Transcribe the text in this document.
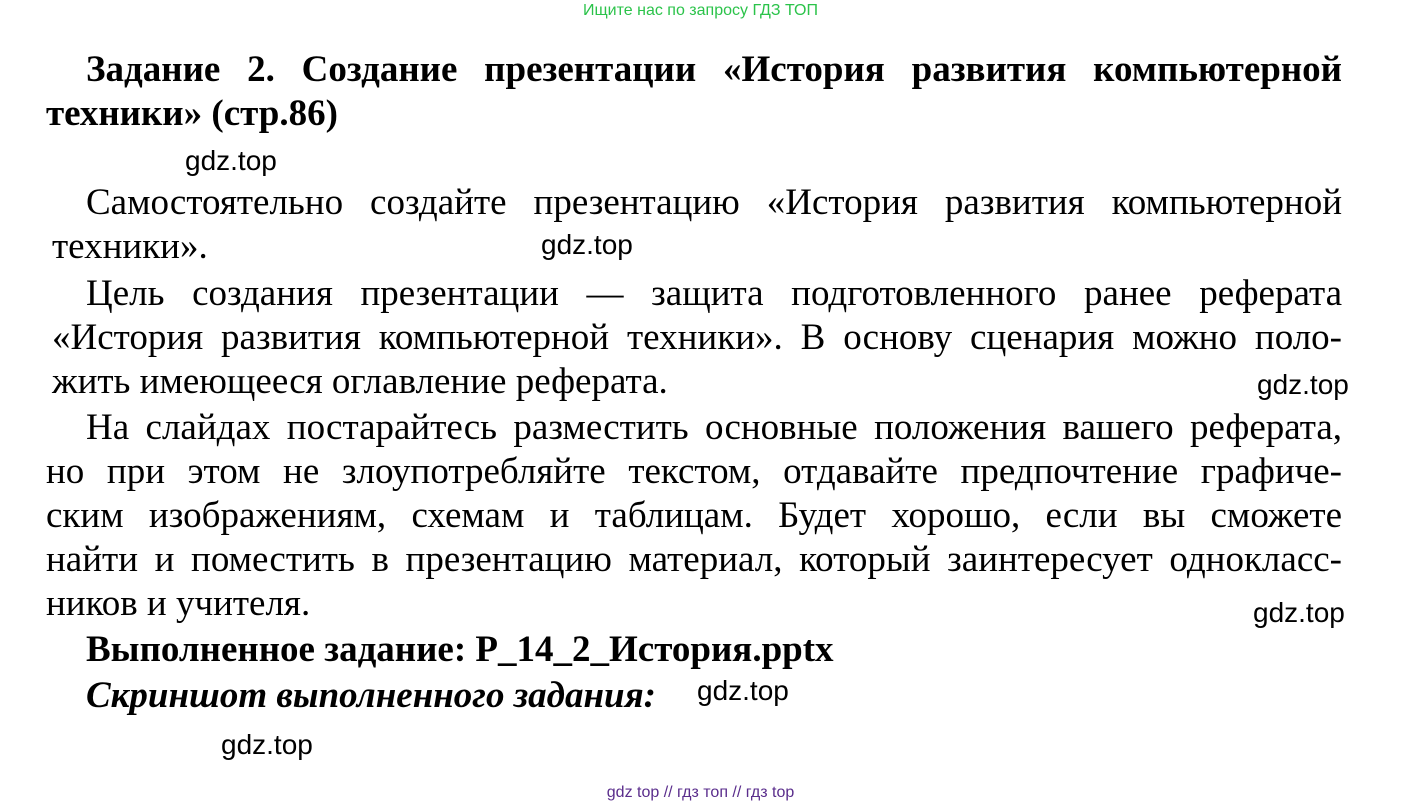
Ищите нас по запросу ГДЗ ТОП
Задание 2. Создание презентации «История развития компьютерной
техники» (стр.86)
Самостоятельно создайте презентацию «История развития компьютерной
техники».
Цель создания презентации — защита подготовленного ранее реферата
«История развития компьютерной техники». В основу сценария можно поло-
жить имеющееся оглавление реферата.
На слайдах постарайтесь разместить основные положения вашего реферата,
но при этом не злоупотребляйте текстом, отдавайте предпочтение графиче-
ским изображениям, схемам и таблицам. Будет хорошо, если вы сможете
найти и поместить в презентацию материал, который заинтересует однокласс-
ников и учителя.
Выполненное задание: P_14_2_История.pptx
Скриншот выполненного задания:
gdz.top
gdz.top
gdz.top
gdz.top
gdz.top
gdz.top
gdz top // гдз топ // гдз top
